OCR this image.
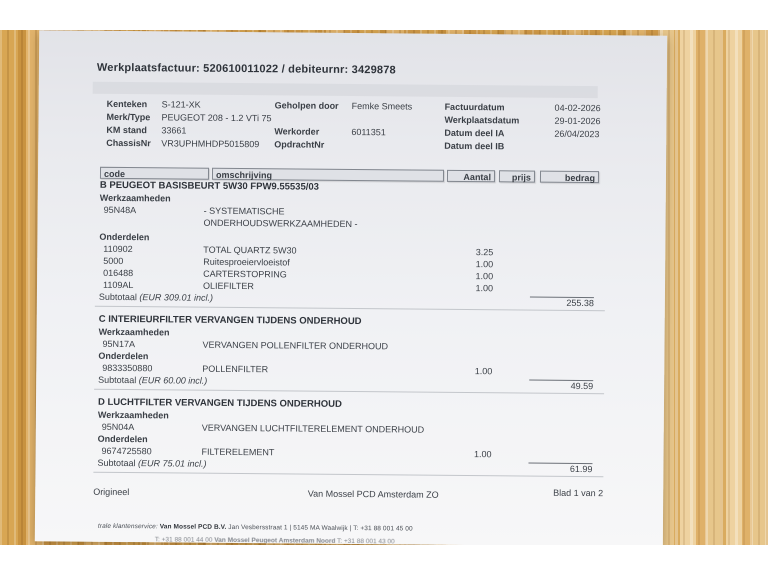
Werkplaatsfactuur: 520610011022 / debiteurnr: 3429878
Kenteken	S-121-XK	Geholpen door	Femke Smeets	Factuurdatum	04-02-2026
Merk/Type	PEUGEOT 208 - 1.2 VTi 75	Werkplaatsdatum	29-01-2026
KM stand	33661	Werkorder	6011351	Datum deel IA	26/04/2023
ChassisNr	VR3UPHMHDP5015809	OpdrachtNr	Datum deel IB
code	omschrijving	Aantal	prijs	bedrag
B PEUGEOT BASISBEURT 5W30 FPW9.55535/03
Werkzaamheden
95N48A	- SYSTEMATISCHE
ONDERHOUDSWERKZAAMHEDEN -
Onderdelen
110902	TOTAL QUARTZ 5W30	3.25
5000	Ruitesproeiervloeistof	1.00
016488	CARTERSTOPRING	1.00
1109AL	OLIEFILTER	1.00
Subtotaal (EUR 309.01 incl.)
255.38
C INTERIEURFILTER VERVANGEN TIJDENS ONDERHOUD
Werkzaamheden
95N17A	VERVANGEN POLLENFILTER ONDERHOUD
Onderdelen
9833350880	POLLENFILTER	1.00
Subtotaal (EUR 60.00 incl.)
49.59
D LUCHTFILTER VERVANGEN TIJDENS ONDERHOUD
Werkzaamheden
95N04A	VERVANGEN LUCHTFILTERELEMENT ONDERHOUD
Onderdelen
9674725580	FILTERELEMENT	1.00
Subtotaal (EUR 75.01 incl.)
61.99
Origineel	Van Mossel PCD Amsterdam ZO	Blad 1 van 2
trale klantenservice: Van Mossel PCD B.V. Jan Vesbersstraat 1 | 5145 MA Waalwijk | T: +31 88 001 45 00
T: +31 88 001 44 00 Van Mossel Peugeot Amsterdam Noord T: +31 88 001 43 00
